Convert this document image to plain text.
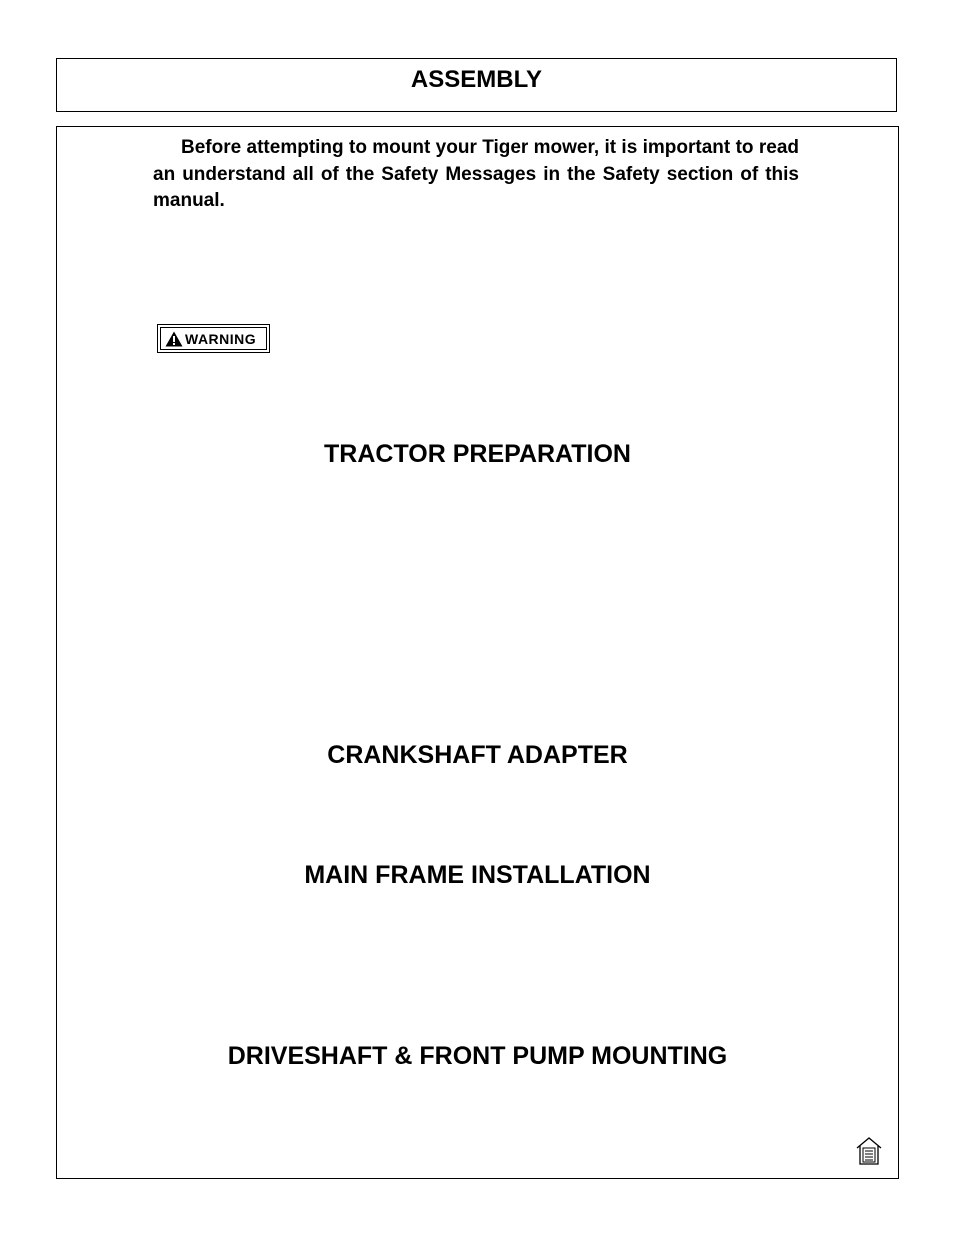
ASSEMBLY

Before attempting to mount your Tiger mower, it is important to read an understand all of the Safety Messages in the Safety section of this manual.

WARNING
TRACTOR PREPARATION
CRANKSHAFT ADAPTER
MAIN FRAME INSTALLATION
DRIVESHAFT & FRONT PUMP MOUNTING
